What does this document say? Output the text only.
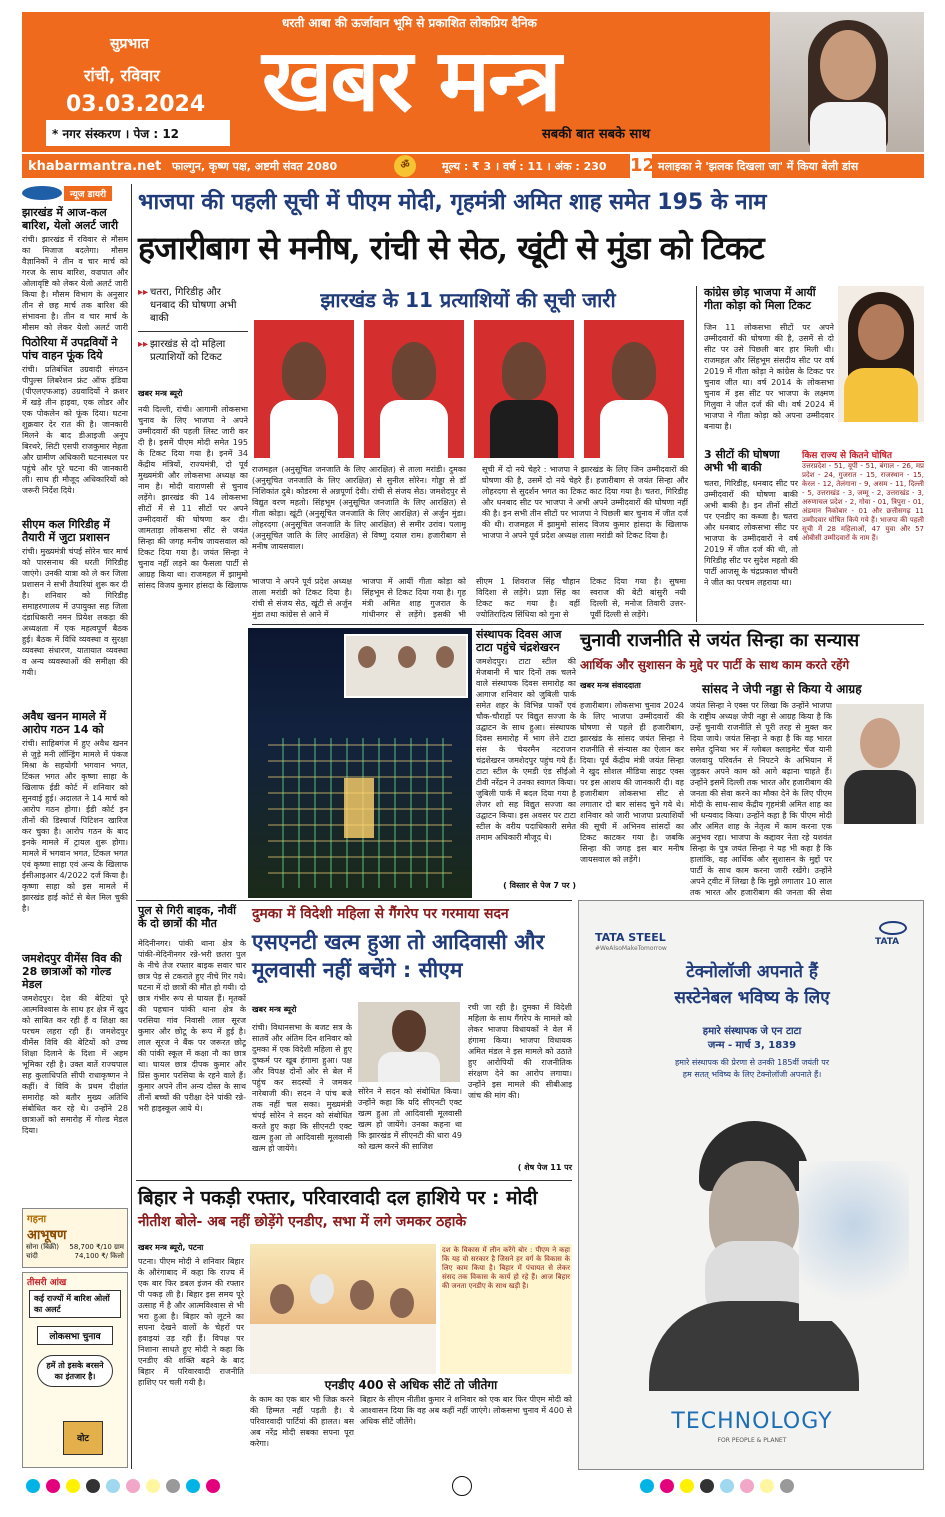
धरती आबा की ऊर्जावान भूमि से प्रकाशित लोकप्रिय दैनिक
सुप्रभात
रांची, रविवार
03.03.2024
* नगर संस्करण । पेज : 12
खबर मन्त्र
सबकी बात सबके साथ
khabarmantra.net फाल्गुन, कृष्ण पक्ष, अष्टमी संवत 2080	ॐ	मूल्य : ₹ 3 । वर्ष : 11 । अंक : 230 12 मलाइका ने 'झलक दिखला जा' में किया बेली डांस
न्यूज डायरी
झारखंड में आज-कल बारिश, येलो अलर्ट जारी
रांची। झारखंड में रविवार से मौसम का मिजाज बदलेगा। मौसम वैज्ञानिकों ने तीन व चार मार्च को गरज के साथ बारिश, वज्रपात और ओलावृष्टि को लेकर येलो अलर्ट जारी किया है। मौसम विभाग के अनुसार तीन से छह मार्च तक बारिश की संभावना है। तीन व चार मार्च के मौसम को लेकर येलो अलर्ट जारी
पिठोरिया में उपद्रवियों ने पांच वाहन फूंक दिये
रांची। प्रतिबंधित उग्रवादी संगठन पीपुल्स लिबरेशन फ्रंट ऑफ इंडिया (पीएलएफआइ) उग्रवादियों ने क्रशर में खड़े तीन हाइवा, एक लोडर और एक पोकलेन को फूंक दिया। घटना शुक्रवार देर रात की है। जानकारी मिलने के बाद डीआइजी अनूप बिरथरे, सिटी एसपी राजकुमार मेहता और ग्रामीण अधिकारी घटनास्थल पर पहुंचे और पूरे घटना की जानकारी ली। साथ ही मौजूद अधिकारियों को जरूरी निर्देश दिये।
सीएम कल गिरिडीह में तैयारी में जुटा प्रशासन
रांची। मुख्यमंत्री चंपई सोरेन चार मार्च को पारसनाथ की धरती गिरिडीह जाएंगे। उनकी यात्रा को ले कर जिला प्रशासन ने सभी तैयारियां शुरू कर दी है। शनिवार को गिरिडीह समाहरणालय में उपायुक्त सह जिला दंडाधिकारी नमन प्रियेश लकड़ा की अध्यक्षता में एक महत्वपूर्ण बैठक हुई। बैठक में विधि व्यवस्था व सुरक्षा व्यवस्था संधारण, यातायात व्यवस्था व अन्य व्यवस्थाओं की समीक्षा की गयी।
अवैध खनन मामले में आरोप गठन 14 को
रांची। साहिबगंज में हुए अवैध खनन से जुड़े मनी लॉन्ड्रिंग मामले में पंकज मिश्रा के सहयोगी भगवान भगत, टिंकल भगत और कृष्णा साहा के खिलाफ ईडी कोर्ट में शनिवार को सुनवाई हुई। अदालत ने 14 मार्च को आरोप गठन होगा। ईडी कोर्ट इन तीनों की डिस्चार्ज पिटिशन खारिज कर चुका है। आरोप गठन के बाद इनके मामले में ट्रायल शुरू होगा। मामले में भगवान भगत, टिंकल भगत एवं कृष्णा साहा एवं अन्य के खिलाफ ईसीआइआर 4/2022 दर्ज किया है। कृष्णा साहा को इस मामले में झारखंड हाई कोर्ट से बेल मिल चुकी है।
जमशेदपुर वीमेंस विव की 28 छात्राओं को गोल्ड मेडल
जमशेदपुर। देश की बेटियां पूरे आत्मविश्वास के साथ हर क्षेत्र में खुद को साबित कर रही हैं व शिक्षा का परचम लहरा रही हैं। जमशेदपुर वीमेंस विवि की बेटियों को उच्च शिक्षा दिलाने के दिशा में अहम भूमिका रही है। उक्त बातें राज्यपाल सह कुलाधिपति सीपी राधाकृष्णन ने कहीं। वे विवि के प्रथम दीक्षांत समारोह को बतौर मुख्य अतिथि संबोधित कर रहे थे। उन्होंने 28 छात्राओं को समारोह में गोल्ड मेडल दिया।
गहना
आभूषण
सोना (बिक्री) 58,700 ₹/10 ग्राम
चांदी	74,100 ₹/ किलो
तीसरी आंख
कई राज्यों में बारिश ओलों का अलर्ट
लोकसभा चुनाव
हमें तो इसके बरसने का इंतजार है।
वोट
भाजपा की पहली सूची में पीएम मोदी, गृहमंत्री अमित शाह समेत 195 के नाम
हजारीबाग से मनीष, रांची से सेठ, खूंटी से मुंडा को टिकट
▸▸ चतरा, गिरिडीह और धनबाद की घोषणा अभी बाकी
▸▸ झारखंड से दो महिला प्रत्याशियों को टिकट
खबर मन्त्र ब्यूरो
नयी दिल्ली, रांची। आगामी लोकसभा चुनाव के लिए भाजपा ने अपने उम्मीदवारों की पहली लिस्ट जारी कर दी है। इसमें पीएम मोदी समेत 195 के टिकट दिया गया है। इनमें 34 केंद्रीय मंत्रियों, राज्यमंत्री, दो पूर्व मुख्यमंत्री और लोकसभा अध्यक्ष का नाम है। मोदी वाराणसी से चुनाव लड़ेंगे। झारखंड की 14 लोकसभा सीटों में से 11 सीटों पर अपने उम्मीदवारों की घोषणा कर दी। जामताड़ा लोकसभा सीट से जयंत सिन्हा की जगह मनीष जायसवाल को टिकट दिया गया है। जयंत सिन्हा ने चुनाव नहीं लड़ने का फैसला पार्टी से आग्रह किया था। राजमहल में झामुमो सांसद विजय कुमार हांसदा के खिलाफ
झारखंड के 11 प्रत्याशियों की सूची जारी
राजमहल (अनुसूचित जनजाति के लिए आरक्षित) से ताला मरांडी। दुमका (अनुसूचित जनजाति के लिए आरक्षित) से सुनील सोरेन। गोड्डा से डॉ निशिकांत दुबे। कोडरमा से अन्नपूर्णा देवी। रांची से संजय सेठ। जमशेदपुर से विद्युत वरण महतो। सिंहभूम (अनुसूचित जनजाति के लिए आरक्षित) से गीता कोड़ा। खूंटी (अनुसूचित जनजाति के लिए आरक्षित) से अर्जुन मुंडा। लोहरदगा (अनुसूचित जनजाति के लिए आरक्षित) से समीर उरांव। पलामू (अनुसूचित जाति के लिए आरक्षित) से विष्णु दयाल राम। हजारीबाग से मनीष जायसवाल।
सूची में दो नये चेहरे : भाजपा ने झारखंड के लिए जिन उम्मीदवारों की घोषणा की है, उसमें दो नये चेहरे हैं। हजारीबाग से जयंत सिन्हा और लोहरदगा से सुदर्शन भगत का टिकट काट दिया गया है। चतरा, गिरिडीह और धनबाद सीट पर भाजपा ने अभी अपने उम्मीदवारों की घोषणा नहीं की है। इन सभी तीन सीटों पर भाजपा ने पिछली बार चुनाव में जीत दर्ज की थी। राजमहल में झामुमो सांसद विजय कुमार हांसदा के खिलाफ भाजपा ने अपने पूर्व प्रदेश अध्यक्ष ताला मरांडी को टिकट दिया है।
भाजपा ने अपने पूर्व प्रदेश अध्यक्ष ताला मरांडी को टिकट दिया है। रांची से संजय सेठ, खूंटी से अर्जुन मुंडा तथा कांग्रेस से आने में
भाजपा में आयीं गीता कोड़ा को सिंहभूम से टिकट दिया गया है। गृह मंत्री अमित शाह गुजरात के गांधीनगर से लड़ेंगे। इसकी भी
सीएम 1 शिवराज सिंह चौहान विदिशा से लड़ेंगे। प्रज्ञा सिंह का टिकट कट गया है। वहीं ज्योतिरादित्य सिंधिया को गुना से
टिकट दिया गया है। सुषमा स्वराज की बेटी बांसुरी नयी दिल्ली से, मनोज तिवारी उत्तर-पूर्वी दिल्ली से लड़ेंगे।
कांग्रेस छोड़ भाजपा में आयीं गीता कोड़ा को मिला टिकट
जिन 11 लोकसभा सीटों पर अपने उम्मीदवारों की घोषणा की है, उसमें से दो सीट पर उसे पिछली बार हार मिली थी। राजमहल और सिंहभूम संसदीय सीट पर वर्ष 2019 में गीता कोड़ा ने कांग्रेस के टिकट पर चुनाव जीत था। वर्ष 2014 के लोकसभा चुनाव में इस सीट पर भाजपा के लक्ष्मण गिलुवा ने जीत दर्ज की थी। वर्ष 2024 में भाजपा ने गीता कोड़ा को अपना उम्मीदवार बनाया है।
3 सीटों की घोषणा अभी भी बाकी
चतरा, गिरिडीह, धनबाद सीट पर उम्मीदवारों की घोषणा बाकी अभी बाकी है। इन तीनों सीटों पर एनडीए का कब्जा है। चतरा और धनबाद लोकसभा सीट पर भाजपा के उम्मीदवारों ने वर्ष 2019 में जीत दर्ज की थी, तो गिरिडीह सीट पर सुदेश महतो की पार्टी आजसू के चंद्रप्रकाश चौधरी ने जीत का परचम लहराया था।
किस राज्य से कितने घोषित
उत्तरप्रदेश - 51, यूपी - 51, बंगाल - 26, मप्र प्रदेश - 24, गुजरात - 15, राजस्थान - 15, केरल - 12, तेलंगाना - 9, असम - 11, दिल्ली - 5, उत्तराखंड - 3, जम्मू - 2, उत्तराखंड - 3, अरुणाचल प्रदेश - 2, गोवा - 01, त्रिपुरा - 01, अंडमान निकोबार - 01 और छत्तीसगढ़ 11 उम्मीदवार घोषित किये गये हैं। भाजपा की पहली सूची में 28 महिलाओं, 47 युवा और 57 ओबीसी उम्मीदवारों के नाम हैं।
संस्थापक दिवस आज टाटा पहुंचे चंद्रशेखरन
जमशेदपुर। टाटा स्टील की मेजबानी में चार दिनों तक चलने वाले संस्थापक दिवस समारोह का आगाज शनिवार को जुबिली पार्क समेत शहर के विभिन्न पार्कों एवं चौक-चौराहों पर विद्युत सज्जा के उद्घाटन के साथ हुआ। संस्थापक दिवस समारोह में भाग लेने टाटा संस के चेयरमैन नटराजन चंद्रशेखरन जमशेदपुर पहुंच गये हैं। टाटा स्टील के एमडी एंड सीईओ टीवी नरेंद्रन ने उनका स्वागत किया। जुबिली पार्क में बदल दिया गया है लेजर शो सह विद्युत सज्जा का उद्घाटन किया। इस अवसर पर टाटा स्टील के वरीय पदाधिकारी समेत तमाम अधिकारी मौजूद थे।
( विस्तार से पेज 7 पर )
चुनावी राजनीति से जयंत सिन्हा का सन्यास
आर्थिक और सुशासन के मुद्दे पर पार्टी के साथ काम करते रहेंगे
खबर मन्त्र संवाददाता	सांसद ने जेपी नड्डा से किया ये आग्रह
हजारीबाग। लोकसभा चुनाव 2024 के लिए भाजपा उम्मीदवारों की घोषणा से पहले ही हजारीबाग, झारखंड के सांसद जयंत सिन्हा ने राजनीति से संन्यास का ऐलान कर दिया। पूर्व केंद्रीय मंत्री जयंत सिन्हा ने खुद सोशल मीडिया साइट एक्स पर इस आशय की जानकारी दी। वह हजारीबाग लोकसभा सीट से लगातार दो बार सांसद चुने गये थे। शनिवार को जारी भाजपा प्रत्याशियों की सूची में अभिनव सांसदों का टिकट काटकर गया है। जबकि सिन्हा की जगह इस बार मनीष जायसवाल को लड़ेंगे।
जयंत सिन्हा ने एक्स पर लिखा कि उन्होंने भाजपा के राष्ट्रीय अध्यक्ष जेपी नड्डा से आग्रह किया है कि उन्हें चुनावी राजनीति से पूरी तरह से मुक्त कर दिया जाये। जयंत सिन्हा ने कहा है कि वह भारत समेत दुनिया भर में ग्लोबल क्लाइमेट चेंज यानी जलवायु परिवर्तन से निपटने के अभियान में जुड़कर अपने काम को आगे बढ़ाना चाहते हैं। उन्होंने इसमें दिल्ली तक भारत और हजारीबाग की जनता की सेवा करने का मौका देने के लिए पीएम मोदी के साथ-साथ केंद्रीय गृहमंत्री अमित शाह का भी धन्यवाद किया। उन्होंने कहा है कि पीएम मोदी और अमित शाह के नेतृत्व में काम करना एक अनुभव रहा। भाजपा के कद्दावर नेता रहे यशवंत सिन्हा के पुत्र जयंत सिन्हा ने यह भी कहा है कि हालांकि, वह आर्थिक और सुशासन के मुद्दों पर पार्टी के साथ काम करना जारी रखेंगे। उन्होंने अपने ट्वीट में लिखा है कि मुझे लगातार 10 साल तक भारत और हजारीबाग की जनता की सेवा
पुल से गिरी बाइक, नौवीं के दो छात्रों की मौत
मेदिनीनगर। पांकी थाना क्षेत्र के पांकी-मेदिनीनगर रन्ने-भरी छतरा पुल के नीचे तेज रफ्तार बाइक सवार चार छात्र पेड़ से टकराते हुए नीचे गिर गये। घटना में दो छात्रों की मौत हो गयी। दो छात्र गंभीर रूप से घायल हैं। मृतकों की पहचान पांकी थाना क्षेत्र के परसिया गांव निवासी लाल सूरज कुमार और छोटू के रूप में हुई है। लाल सूरज ने बैंक पर जरूरत छोटू की पांकी स्कूल में कक्षा नौ का छात्र था। घायल छात्र दीपक कुमार और प्रिंस कुमार परसिया के रहने वाले हैं। कुमार अपने तीन अन्य दोस्त के साथ तीनों बच्चों की परीक्षा देने पांकी रन्ने-भरी हाइस्कूल आये थे।
दुमका में विदेशी महिला से गैंगरेप पर गरमाया सदन
एसएनटी खत्म हुआ तो आदिवासी और मूलवासी नहीं बचेंगे : सीएम
खबर मन्त्र ब्यूरो
रांची। विधानसभा के बजट सत्र के सातवें और अंतिम दिन शनिवार को दुमका में एक विदेशी महिला से हुए दुष्कर्म पर खूब हंगामा हुआ। पक्ष और विपक्ष दोनों ओर से बेल में पहुंच कर सदस्यों ने जमकर नारेबाजी की। सदन ने पांच बजे तक नहीं चल सका। मुख्यमंत्री चंपई सोरेन ने सदन को संबोधित करते हुए कहा कि सीएनटी एक्ट खत्म हुआ तो आदिवासी मूलवासी खत्म हो जायेंगे।
सोरेन ने सदन को संबोधित किया। उन्होंने कहा कि यदि सीएनटी एक्ट खत्म हुआ तो आदिवासी मूलवासी खत्म हो जायेंगे। उनका कहना था कि झारखंड में सीएनटी की धारा 49 को खत्म करने की साजिश
रची जा रही है। दुमका में विदेशी महिला के साथ गैंगरेप के मामले को लेकर भाजपा विधायकों ने वेल में हंगामा किया। भाजपा विधायक अमित मंडल ने इस मामले को उठाते हुए आरोपियों की राजनीतिक संरक्षण देने का आरोप लगाया। उन्होंने इस मामले की सीबीआइ जांच की मांग की।
( शेष पेज 11 पर
बिहार ने पकड़ी रफ्तार, परिवारवादी दल हाशिये पर : मोदी
नीतीश बोले- अब नहीं छोड़ेंगे एनडीए, सभा में लगे जमकर ठहाके
खबर मन्त्र ब्यूरो, पटना
पटना। पीएम मोदी ने शनिवार बिहार के औरंगाबाद में कहा कि राज्य में एक बार फिर डबल इंजन की रफ्तार पी पकड़ ली है। बिहार इस समय पूरे उत्साह में है और आत्मविश्वास से भी भरा हुआ है। बिहार को लूटने का सपना देखने वालों के चेहरों पर हवाइयां उड़ रही हैं। विपक्ष पर निशाना साधते हुए मोदी ने कहा कि एनडीए की शक्ति बढ़ने के बाद बिहार में परिवारवादी राजनीति हाशिए पर चली गयी है।
दश के विकास में लीन करेंगे बोर : पीएम ने कहा कि यह वो सरकार है जिसने हर वर्ग के विकास के लिए काम किया है। बिहार में पंचायत से लेकर संसद तक विकास के कार्य हो रहे हैं। आज बिहार की जनता एनडीए के साथ खड़ी है।
एनडीए 400 से अधिक सीटें तो जीतेगा
के काम का एक बार भी जिक्र करने की हिम्मत नहीं पड़ती है। ये परिवारवादी पार्टियां की हालत। बस अब नरेंद्र मोदी सबका सपना पूरा करेगा।
बिहार के सीएम नीतीश कुमार ने शनिवार को एक बार फिर पीएम मोदी को आश्वासन दिया कि वह अब कहीं नहीं जाएंगे। लोकसभा चुनाव में 400 से अधिक सीटें जीतेंगे।
TATA STEEL
#WeAlsoMakeTomorrow
TATA
टेक्नोलॉजी अपनाते हैं
सस्टेनेबल भविष्य के लिए
हमारे संस्थापक जे एन टाटा
जन्म - मार्च 3, 1839
हमारे संस्थापक की प्रेरणा से उनकी 185वीं जयंती पर
हम सतत् भविष्य के लिए टेक्नोलॉजी अपनाते हैं।
TECHNOLOGY
FOR PEOPLE & PLANET
